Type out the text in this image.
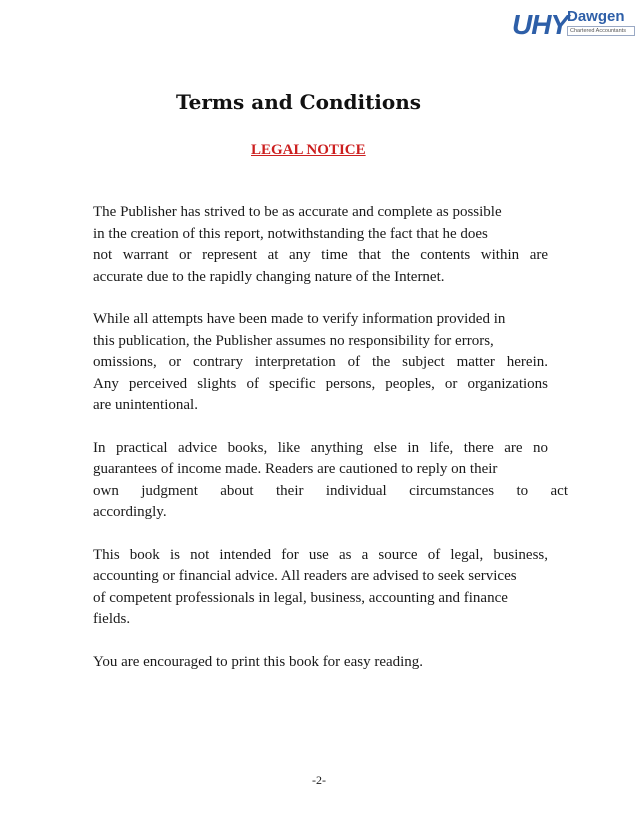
UHY
Dawgen
Chartered Accountants
Terms and Conditions
LEGAL NOTICE

The Publisher has strived to be as accurate and complete as possible
in the creation of this report, notwithstanding the fact that he does
not warrant or represent at any time that the contents within are
accurate due to the rapidly changing nature of the Internet.

While all attempts have been made to verify information provided in
this publication, the Publisher assumes no responsibility for errors,
omissions, or contrary interpretation of the subject matter herein.
Any perceived slights of specific persons, peoples, or organizations
are unintentional.

In practical advice books, like anything else in life, there are no
guarantees of income made. Readers are cautioned to reply on their
own judgment about their individual circumstances to act
accordingly.

This book is not intended for use as a source of legal, business,
accounting or financial advice. All readers are advised to seek services
of competent professionals in legal, business, accounting and finance
fields.

You are encouraged to print this book for easy reading.

-2-
